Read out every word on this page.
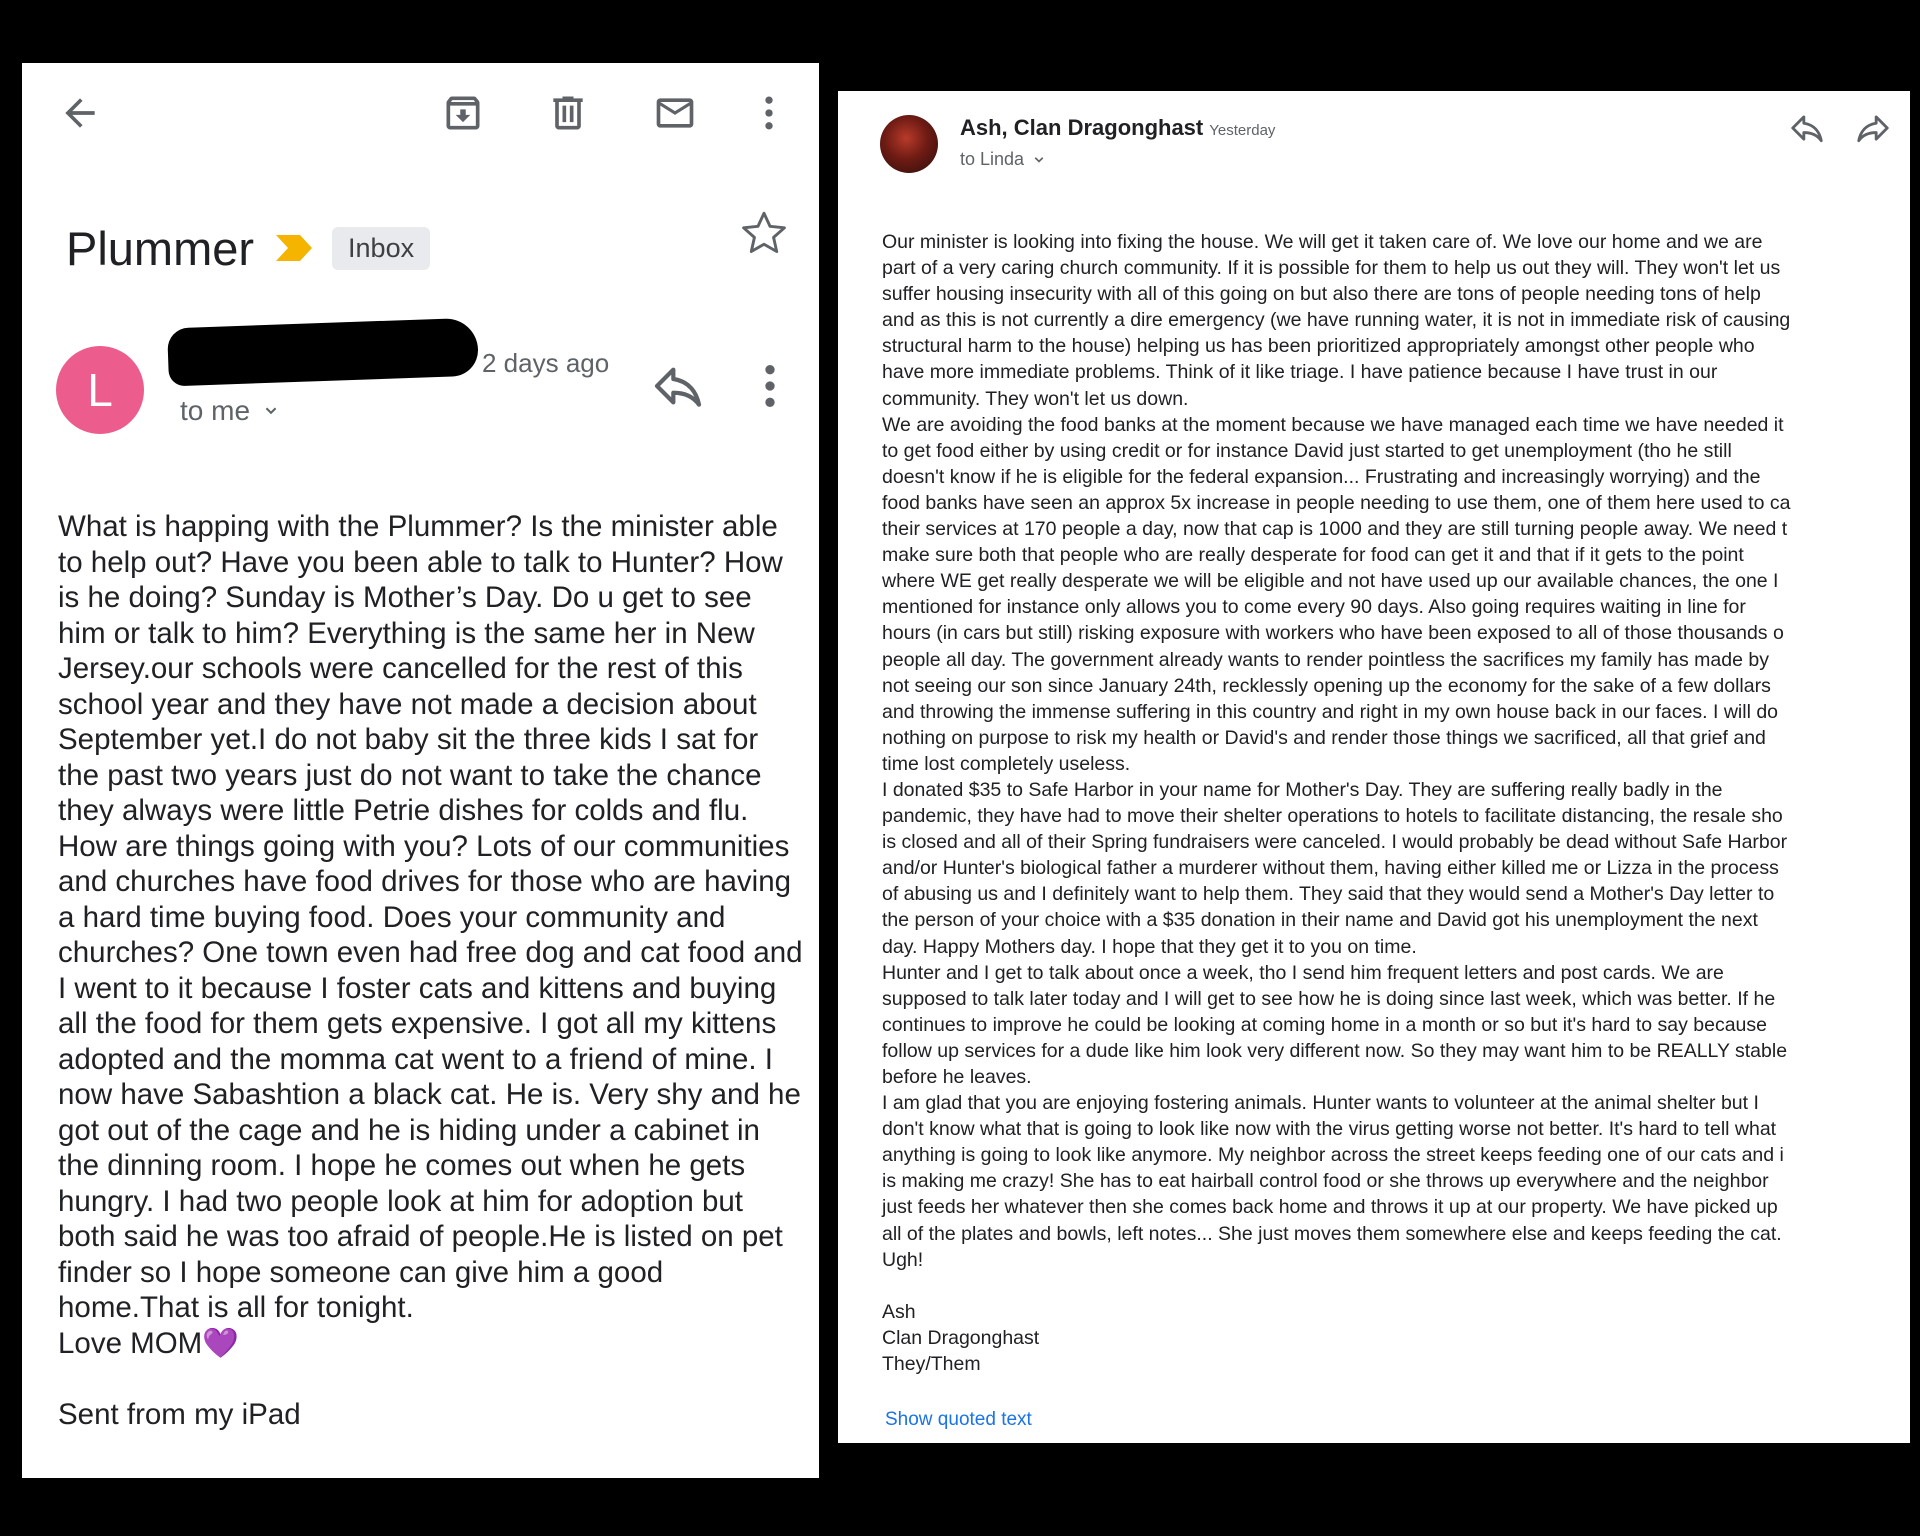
Plummer	Inbox
L
2 days ago
to me
What is happing with the Plummer? Is the minister able to help out? Have you been able to talk to Hunter? How is he doing? Sunday is Mother’s Day. Do u get to see him or talk to him? Everything is the same her in New Jersey.our schools were cancelled for the rest of this school year and they have not made a decision about September yet.I do not baby sit the three kids I sat for the past two years just do not want to take the chance they always were little Petrie dishes for colds and flu. How are things going with you? Lots of our communities and churches have food drives for those who are having a hard time buying food. Does your community and churches? One town even had free dog and cat food and I went to it because I foster cats and kittens and buying all the food for them gets expensive. I got all my kittens adopted and the momma cat went to a friend of mine. I now have Sabashtion a black cat. He is. Very shy and he got out of the cage and he is hiding under a cabinet in the dinning room. I hope he comes out when he gets hungry. I had two people look at him for adoption but both said he was too afraid of people.He is listed on pet finder so I hope someone can give him a good home.That is all for tonight.
Love MOM💜
Sent from my iPad
Ash, Clan Dragonghast Yesterday
to Linda
Our minister is looking into fixing the house. We will get it taken care of. We love our home and we are
part of a very caring church community. If it is possible for them to help us out they will. They won't let us
suffer housing insecurity with all of this going on but also there are tons of people needing tons of help
and as this is not currently a dire emergency (we have running water, it is not in immediate risk of causing
structural harm to the house) helping us has been prioritized appropriately amongst other people who
have more immediate problems. Think of it like triage. I have patience because I have trust in our
community. They won't let us down.
We are avoiding the food banks at the moment because we have managed each time we have needed it
to get food either by using credit or for instance David just started to get unemployment (tho he still
doesn't know if he is eligible for the federal expansion... Frustrating and increasingly worrying) and the
food banks have seen an approx 5x increase in people needing to use them, one of them here used to ca
their services at 170 people a day, now that cap is 1000 and they are still turning people away. We need t
make sure both that people who are really desperate for food can get it and that if it gets to the point
where WE get really desperate we will be eligible and not have used up our available chances, the one I
mentioned for instance only allows you to come every 90 days. Also going requires waiting in line for
hours (in cars but still) risking exposure with workers who have been exposed to all of those thousands o
people all day. The government already wants to render pointless the sacrifices my family has made by
not seeing our son since January 24th, recklessly opening up the economy for the sake of a few dollars
and throwing the immense suffering in this country and right in my own house back in our faces. I will do
nothing on purpose to risk my health or David's and render those things we sacrificed, all that grief and
time lost completely useless.
I donated $35 to Safe Harbor in your name for Mother's Day. They are suffering really badly in the
pandemic, they have had to move their shelter operations to hotels to facilitate distancing, the resale sho
is closed and all of their Spring fundraisers were canceled. I would probably be dead without Safe Harbor
and/or Hunter's biological father a murderer without them, having either killed me or Lizza in the process
of abusing us and I definitely want to help them. They said that they would send a Mother's Day letter to
the person of your choice with a $35 donation in their name and David got his unemployment the next
day. Happy Mothers day. I hope that they get it to you on time.
Hunter and I get to talk about once a week, tho I send him frequent letters and post cards. We are
supposed to talk later today and I will get to see how he is doing since last week, which was better. If he
continues to improve he could be looking at coming home in a month or so but it's hard to say because
follow up services for a dude like him look very different now. So they may want him to be REALLY stable
before he leaves.
I am glad that you are enjoying fostering animals. Hunter wants to volunteer at the animal shelter but I
don't know what that is going to look like now with the virus getting worse not better. It's hard to tell what
anything is going to look like anymore. My neighbor across the street keeps feeding one of our cats and i
is making me crazy! She has to eat hairball control food or she throws up everywhere and the neighbor
just feeds her whatever then she comes back home and throws it up at our property. We have picked up
all of the plates and bowls, left notes... She just moves them somewhere else and keeps feeding the cat.
Ugh!
Ash
Clan Dragonghast
They/Them
Show quoted text
